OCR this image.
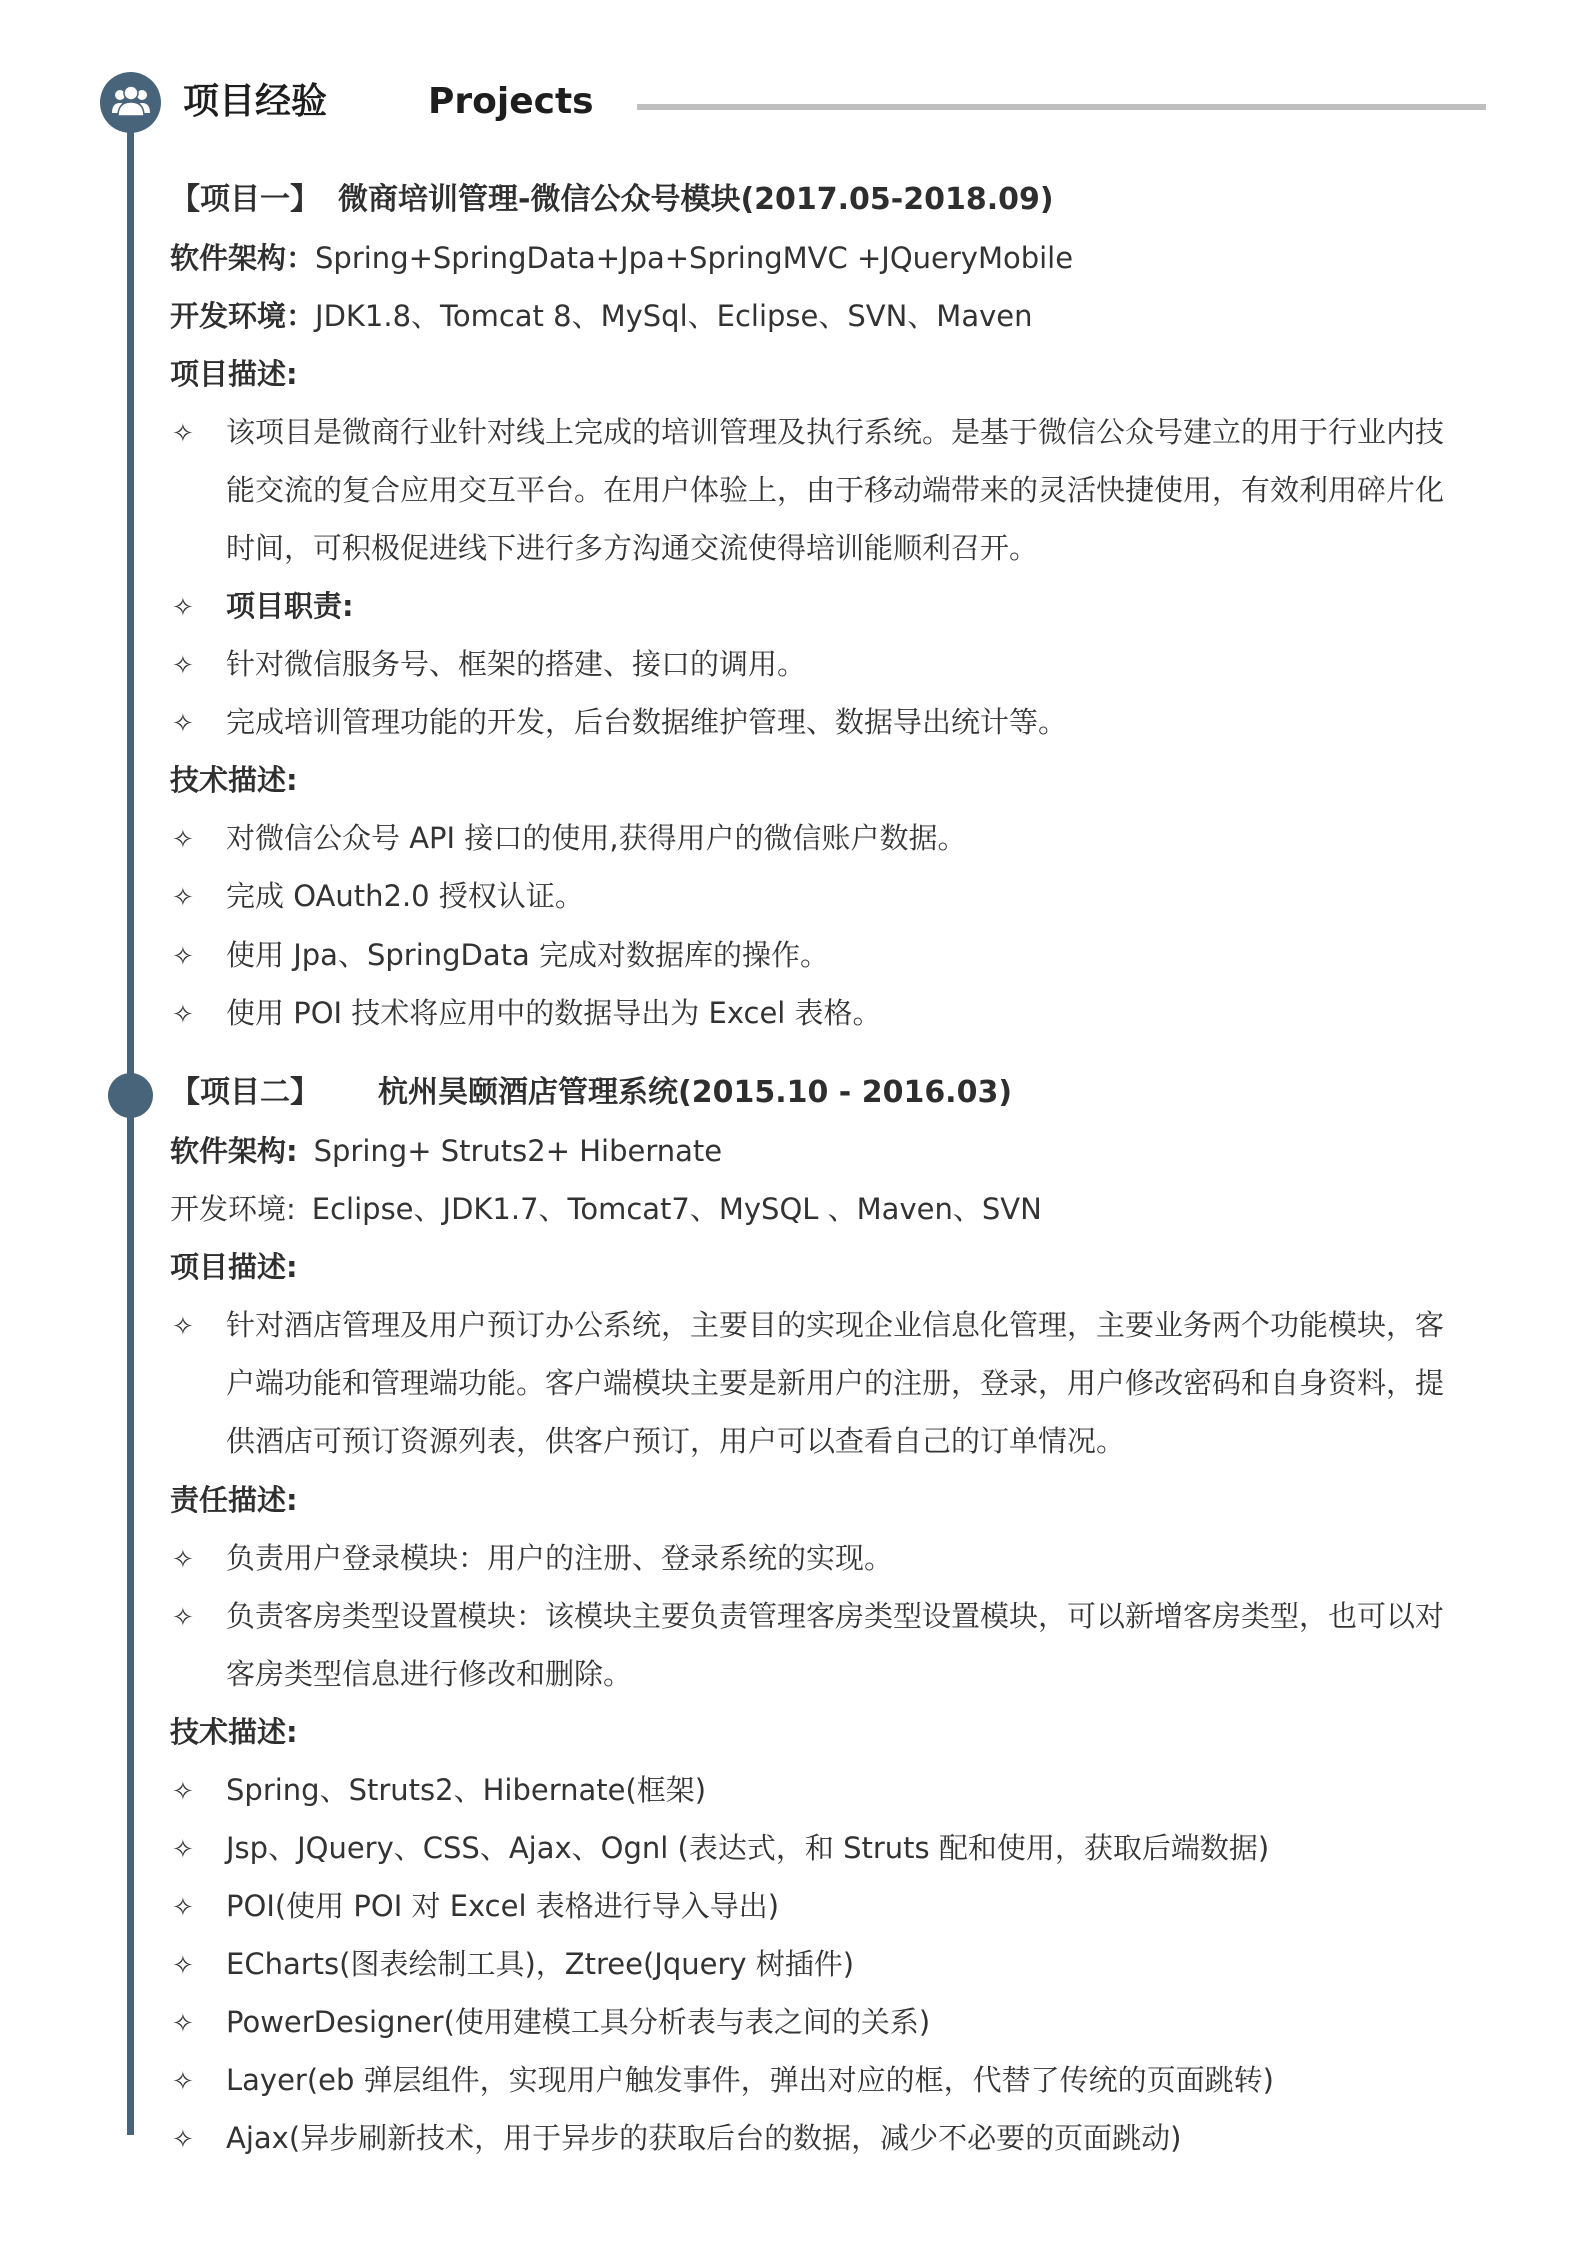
项目经验	Projects
【项目一】 微商培训管理-微信公众号模块(2017.05-2018.09)
软件架构：Spring+SpringData+Jpa+SpringMVC +JQueryMobile
开发环境：JDK1.8、Tomcat 8、MySql、Eclipse、SVN、Maven
项目描述:
✧ 该项目是微商行业针对线上完成的培训管理及执行系统。是基于微信公众号建立的用于行业内技
能交流的复合应用交互平台。在用户体验上，由于移动端带来的灵活快捷使用，有效利用碎片化
时间，可积极促进线下进行多方沟通交流使得培训能顺利召开。
✧ 项目职责:
✧ 针对微信服务号、框架的搭建、接口的调用。
✧ 完成培训管理功能的开发，后台数据维护管理、数据导出统计等。
技术描述:
✧ 对微信公众号 API 接口的使用,获得用户的微信账户数据。
✧ 完成 OAuth2.0 授权认证。
✧ 使用 Jpa、SpringData 完成对数据库的操作。
✧ 使用 POI 技术将应用中的数据导出为 Excel 表格。
【项目二】 杭州昊颐酒店管理系统(2015.10 - 2016.03)
软件架构: Spring+ Struts2+ Hibernate
开发环境: Eclipse、JDK1.7、Tomcat7、MySQL 、Maven、SVN
项目描述:
✧ 针对酒店管理及用户预订办公系统，主要目的实现企业信息化管理，主要业务两个功能模块，客
户端功能和管理端功能。客户端模块主要是新用户的注册，登录，用户修改密码和自身资料，提
供酒店可预订资源列表，供客户预订，用户可以查看自己的订单情况。
责任描述:
✧ 负责用户登录模块：用户的注册、登录系统的实现。
✧ 负责客房类型设置模块：该模块主要负责管理客房类型设置模块，可以新增客房类型，也可以对
客房类型信息进行修改和删除。
技术描述:
✧ Spring、Struts2、Hibernate(框架)
✧ Jsp、JQuery、CSS、Ajax、Ognl (表达式，和 Struts 配和使用，获取后端数据)
✧ POI(使用 POI 对 Excel 表格进行导入导出)
✧ ECharts(图表绘制工具)，Ztree(Jquery 树插件)
✧ PowerDesigner(使用建模工具分析表与表之间的关系)
✧ Layer(eb 弹层组件，实现用户触发事件，弹出对应的框，代替了传统的页面跳转)
✧ Ajax(异步刷新技术，用于异步的获取后台的数据，减少不必要的页面跳动)
